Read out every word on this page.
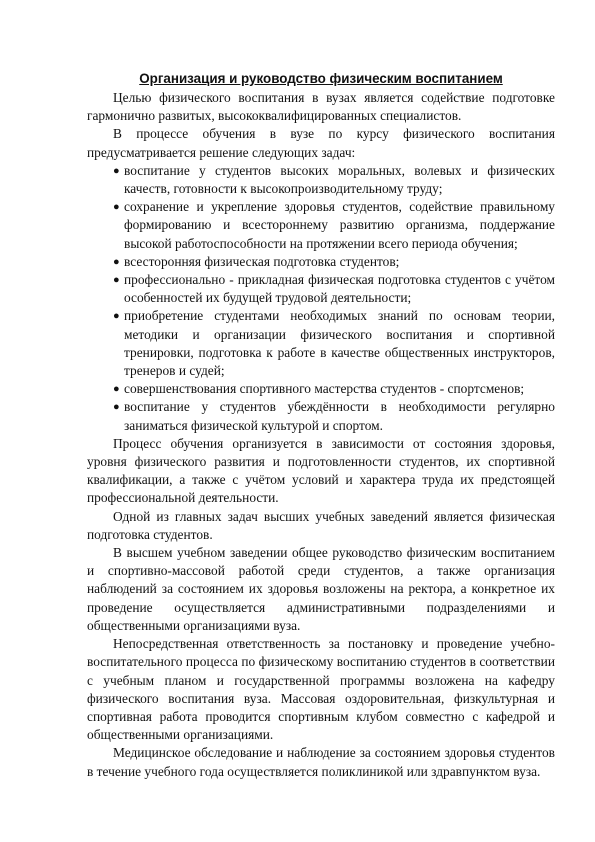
Организация и руководство физическим воспитанием

Целью физического воспитания в вузах является содействие подготовке гармонично развитых, высококвалифицированных специалистов.

В процессе обучения в вузе по курсу физического воспитания предусматривается решение следующих задач:

● воспитание у студентов высоких моральных, волевых и физических качеств, готовности к высокопроизводительному труду;
● сохранение и укрепление здоровья студентов, содействие правильному формированию и всестороннему развитию организма, поддержание высокой работоспособности на протяжении всего периода обучения;
● всесторонняя физическая подготовка студентов;
● профессионально - прикладная физическая подготовка студентов с учётом особенностей их будущей трудовой деятельности;
● приобретение студентами необходимых знаний по основам теории, методики и организации физического воспитания и спортивной тренировки, подготовка к работе в качестве общественных инструкторов, тренеров и судей;
● совершенствования спортивного мастерства студентов - спортсменов;
● воспитание у студентов убеждённости в необходимости регулярно заниматься физической культурой и спортом.

Процесс обучения организуется в зависимости от состояния здоровья, уровня физического развития и подготовленности студентов, их спортивной квалификации, а также с учётом условий и характера труда их предстоящей профессиональной деятельности.

Одной из главных задач высших учебных заведений является физическая подготовка студентов.

В высшем учебном заведении общее руководство физическим воспитанием и спортивно-массовой работой среди студентов, а также организация наблюдений за состоянием их здоровья возложены на ректора, а конкретное их проведение осуществляется административными подразделениями и общественными организациями вуза.

Непосредственная ответственность за постановку и проведение учебно-воспитательного процесса по физическому воспитанию студентов в соответствии с учебным планом и государственной программы возложена на кафедру физического воспитания вуза. Массовая оздоровительная, физкультурная и спортивная работа проводится спортивным клубом совместно с кафедрой и общественными организациями.

Медицинское обследование и наблюдение за состоянием здоровья студентов в течение учебного года осуществляется поликлиникой или здравпунктом вуза.
